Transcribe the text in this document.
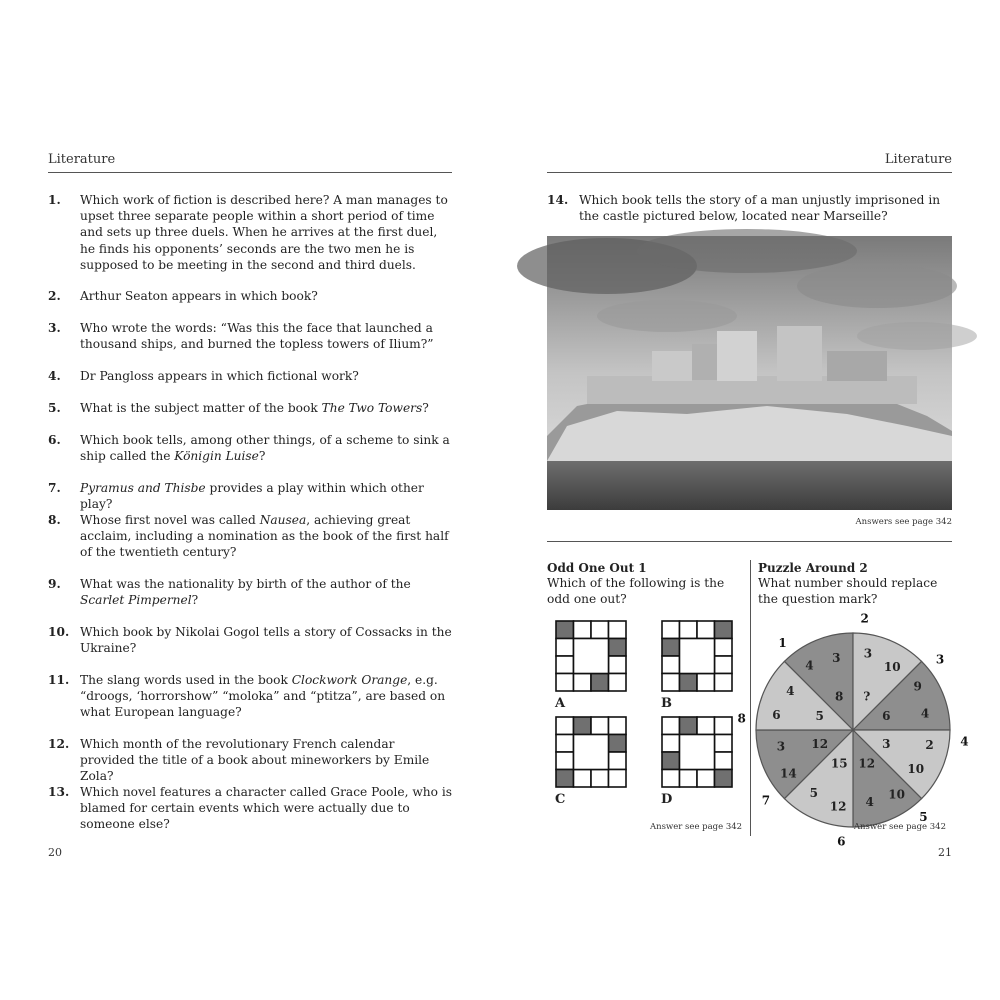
Literature
1. Which work of fiction is described here? A man manages to upset three separate people within a short period of time and sets up three duels. When he arrives at the first duel, he finds his opponents’ seconds are the two men he is supposed to be meeting in the second and third duels.
2. Arthur Seaton appears in which book?
3. Who wrote the words: “Was this the face that launched a thousand ships, and burned the topless towers of Ilium?”
4. Dr Pangloss appears in which fictional work?
5. What is the subject matter of the book The Two Towers?
6. Which book tells, among other things, of a scheme to sink a ship called the Königin Luise?
7. Pyramus and Thisbe provides a play within which other play?
8. Whose first novel was called Nausea, achieving great acclaim, including a nomination as the book of the first half of the twentieth century?
9. What was the nationality by birth of the author of the Scarlet Pimpernel?
10. Which book by Nikolai Gogol tells a story of Cossacks in the Ukraine?
11. The slang words used in the book Clockwork Orange, e.g. “droogs, ‘horrorshow” “moloka” and “ptitza”, are based on what European language?
12. Which month of the revolutionary French calendar provided the title of a book about mineworkers by Emile Zola?
13. Which novel features a character called Grace Poole, who is blamed for certain events which were actually due to someone else?
20
Literature
14. Which book tells the story of a man unjustly imprisoned in the castle pictured below, located near Marseille?
Answers see page 342
Odd One Out 1
Which of the following is the odd one out?
A	B
C	D
Answer see page 342
Puzzle Around 2
What number should replace the question mark?
4
3
8
1
3
10
?
2
9
4
6
3
2
10
3	4
10
4
12
5
12
5
15
6
14
3 12
7
6
4
5
8
Answer see page 342
21
